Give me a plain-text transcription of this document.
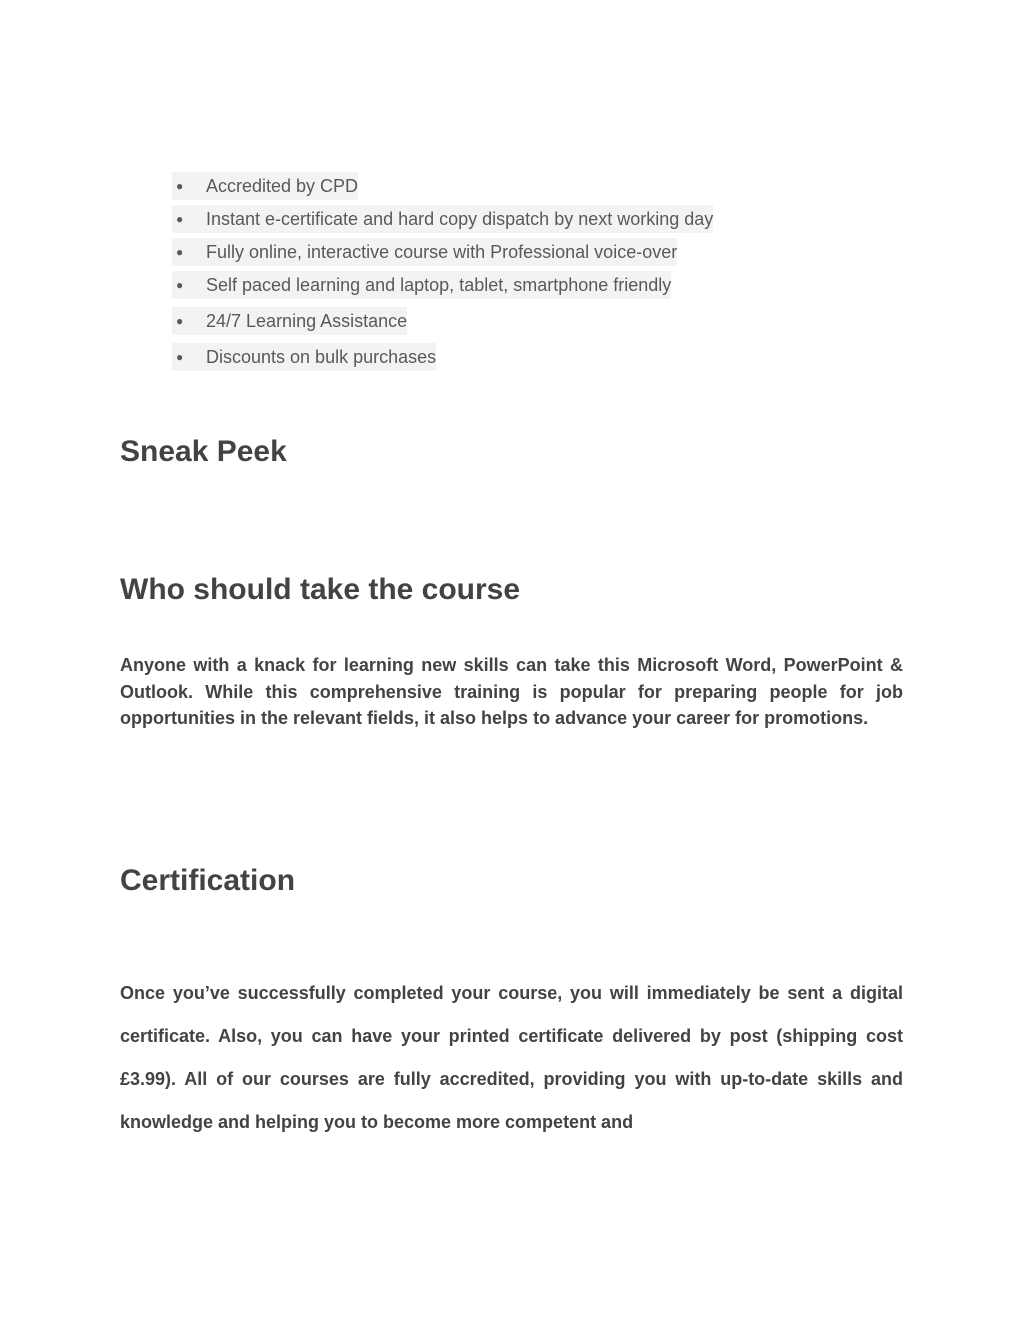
●	Accredited by CPD
●	Instant e-certificate and hard copy dispatch by next working day
●	Fully online, interactive course with Professional voice-over
●	Self paced learning and laptop, tablet, smartphone friendly
●	24/7 Learning Assistance
●	Discounts on bulk purchases
Sneak Peek
Who should take the course

Anyone with a knack for learning new skills can take this Microsoft Word, PowerPoint & Outlook. While this comprehensive training is popular for preparing people for job opportunities in the relevant fields, it also helps to advance your career for promotions.

Certification

Once you’ve successfully completed your course, you will immediately be sent a digital certificate. Also, you can have your printed certificate delivered by post (shipping cost £3.99). All of our courses are fully accredited, providing you with up-to-date skills and knowledge and helping you to become more competent and
